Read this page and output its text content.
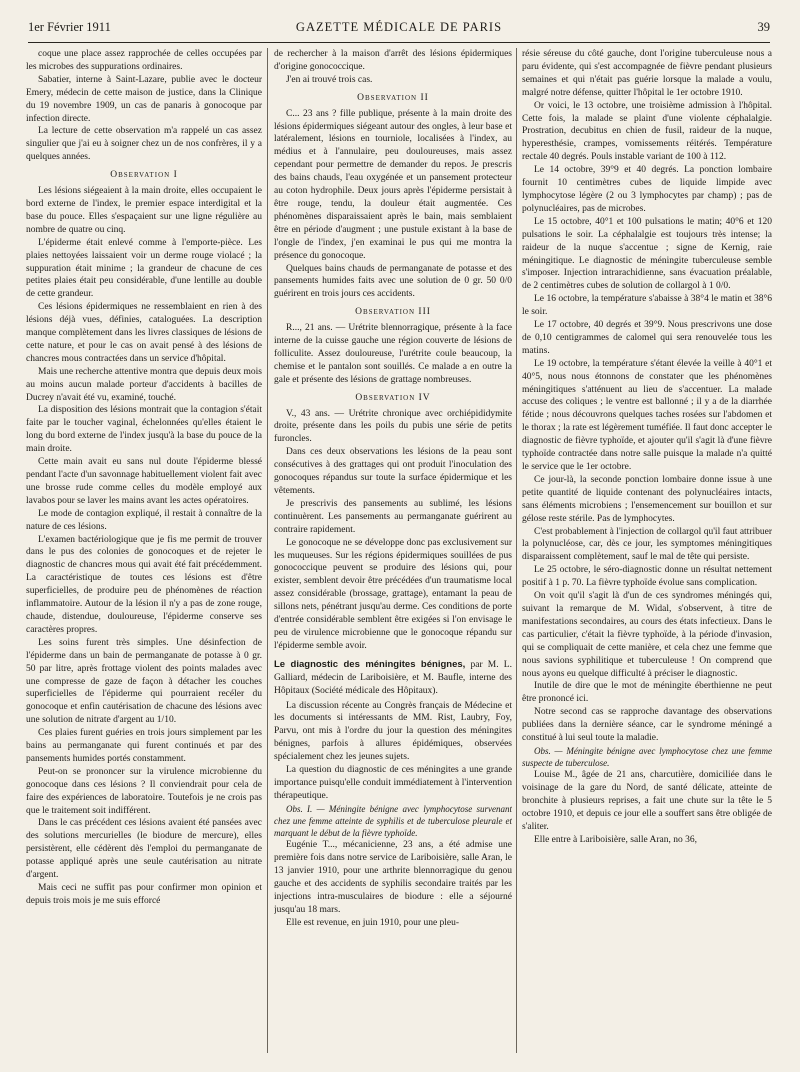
1er Février 1911	GAZETTE MÉDICALE DE PARIS	39

coque une place assez rapprochée de celles occupées par les microbes des suppurations ordinaires.

Sabatier, interne à Saint-Lazare, publie avec le docteur Emery, médecin de cette maison de justice, dans la Clinique du 19 novembre 1909, un cas de panaris à gonocoque par infection directe.

La lecture de cette observation m'a rappelé un cas assez singulier que j'ai eu à soigner chez un de nos confrères, il y a quelques années.

Observation I

Les lésions siégeaient à la main droite, elles occupaient le bord externe de l'index, le premier espace interdigital et la base du pouce. Elles s'espaçaient sur une ligne régulière au nombre de quatre ou cinq.

L'épiderme était enlevé comme à l'emporte-pièce. Les plaies nettoyées laissaient voir un derme rouge violacé ; la suppuration était minime ; la grandeur de chacune de ces petites plaies était peu considérable, d'une lentille au double de cette grandeur.

Ces lésions épidermiques ne ressemblaient en rien à des lésions déjà vues, définies, cataloguées. La description manque complètement dans les livres classiques de lésions de cette nature, et pour le cas on avait pensé à des lésions de chancres mous contractées dans un service d'hôpital.

Mais une recherche attentive montra que depuis deux mois au moins aucun malade porteur d'accidents à bacilles de Ducrey n'avait été vu, examiné, touché.

La disposition des lésions montrait que la contagion s'était faite par le toucher vaginal, échelonnées qu'elles étaient le long du bord externe de l'index jusqu'à la base du pouce de la main droite.

Cette main avait eu sans nul doute l'épiderme blessé pendant l'acte d'un savonnage habituellement violent fait avec une brosse rude comme celles du modèle employé aux lavabos pour se laver les mains avant les actes opératoires.

Le mode de contagion expliqué, il restait à connaître de la nature de ces lésions.

L'examen bactériologique que je fis me permit de trouver dans le pus des colonies de gonocoques et de rejeter le diagnostic de chancres mous qui avait été fait précédemment. La caractéristique de toutes ces lésions est d'être superficielles, de produire peu de phénomènes de réaction inflammatoire. Autour de la lésion il n'y a pas de zone rouge, chaude, distendue, douloureuse, l'épiderme conserve ses caractères propres.

Les soins furent très simples. Une désinfection de l'épiderme dans un bain de permanganate de potasse à 0 gr. 50 par litre, après frottage violent des points malades avec une compresse de gaze de façon à détacher les couches superficielles de l'épiderme qui pourraient recéler du gonocoque et enfin cautérisation de chacune des lésions avec une solution de nitrate d'argent au 1/10.

Ces plaies furent guéries en trois jours simplement par les bains au permanganate qui furent continués et par des pansements humides portés constamment.

Peut-on se prononcer sur la virulence microbienne du gonocoque dans ces lésions ? Il conviendrait pour cela de faire des expériences de laboratoire. Toutefois je ne crois pas que le traitement soit indifférent.

Dans le cas précédent ces lésions avaient été pansées avec des solutions mercurielles (le biodure de mercure), elles persistèrent, elle cédèrent dès l'emploi du permanganate de potasse appliqué après une seule cautérisation au nitrate d'argent.

Mais ceci ne suffit pas pour confirmer mon opinion et depuis trois mois je me suis efforcé

de rechercher à la maison d'arrêt des lésions épidermiques d'origine gonococcique.

J'en ai trouvé trois cas.

Observation II

C... 23 ans ? fille publique, présente à la main droite des lésions épidermiques siégeant autour des ongles, à leur base et latéralement, lésions en tourniole, localisées à l'index, au médius et à l'annulaire, peu douloureuses, mais assez cependant pour permettre de demander du repos. Je prescris des bains chauds, l'eau oxygénée et un pansement protecteur au coton hydrophile. Deux jours après l'épiderme persistait à être rouge, tendu, la douleur était augmentée. Ces phénomènes disparaissaient après le bain, mais semblaient être en période d'augment ; une pustule existant à la base de l'ongle de l'index, j'en examinai le pus qui me montra la présence du gonocoque.

Quelques bains chauds de permanganate de potasse et des pansements humides faits avec une solution de 0 gr. 50 0/0 guérirent en trois jours ces accidents.

Observation III

R..., 21 ans. — Urétrite blennorragique, présente à la face interne de la cuisse gauche une région couverte de lésions de folliculite. Assez douloureuse, l'urétrite coule beaucoup, la chemise et le pantalon sont souillés. Ce malade a en outre la gale et présente des lésions de grattage nombreuses.

Observation IV

V., 43 ans. — Urétrite chronique avec orchiépididymite droite, présente dans les poils du pubis une série de petits furoncles.

Dans ces deux observations les lésions de la peau sont consécutives à des grattages qui ont produit l'inoculation des gonocoques répandus sur toute la surface épidermique et les vêtements.

Je prescrivis des pansements au sublimé, les lésions continuèrent. Les pansements au permanganate guérirent au contraire rapidement.

Le gonocoque ne se développe donc pas exclusivement sur les muqueuses. Sur les régions épidermiques souillées de pus gonococcique peuvent se produire des lésions qui, pour exister, semblent devoir être précédées d'un traumatisme local assez considérable (brossage, grattage), entamant la peau de sillons nets, pénétrant jusqu'au derme. Ces conditions de porte d'entrée considérable semblent être exigées si l'on envisage le peu de virulence microbienne que le gonocoque répandu sur l'épiderme semble avoir.

Le diagnostic des méningites bénignes, par M. L. Galliard, médecin de Lariboisière, et M. Baufle, interne des Hôpitaux (Société médicale des Hôpitaux).

La discussion récente au Congrès français de Médecine et les documents si intéressants de MM. Rist, Laubry, Foy, Parvu, ont mis à l'ordre du jour la question des méningites bénignes, parfois à allures épidémiques, observées spécialement chez les jeunes sujets.

La question du diagnostic de ces méningites a une grande importance puisqu'elle conduit immédiatement à l'intervention thérapeutique.

Obs. I. — Méningite bénigne avec lymphocytose survenant chez une femme atteinte de syphilis et de tuberculose pleurale et marquant le début de la fièvre typhoïde.

Eugénie T..., mécanicienne, 23 ans, a été admise une première fois dans notre service de Lariboisière, salle Aran, le 13 janvier 1910, pour une arthrite blennorragique du genou gauche et des accidents de syphilis secondaire traités par les injections intra-musculaires de biodure : elle a séjourné jusqu'au 18 mars.

Elle est revenue, en juin 1910, pour une pleu-

résie séreuse du côté gauche, dont l'origine tuberculeuse nous a paru évidente, qui s'est accompagnée de fièvre pendant plusieurs semaines et qui n'était pas guérie lorsque la malade a voulu, malgré notre défense, quitter l'hôpital le 1er octobre 1910.

Or voici, le 13 octobre, une troisième admission à l'hôpital. Cette fois, la malade se plaint d'une violente céphalalgie. Prostration, decubitus en chien de fusil, raideur de la nuque, hyperesthésie, crampes, vomissements réitérés. Température rectale 40 degrés. Pouls instable variant de 100 à 112.

Le 14 octobre, 39°9 et 40 degrés. La ponction lombaire fournit 10 centimètres cubes de liquide limpide avec lymphocytose légère (2 ou 3 lymphocytes par champ) ; pas de polynucléaires, pas de microbes.

Le 15 octobre, 40°1 et 100 pulsations le matin; 40°6 et 120 pulsations le soir. La céphalalgie est toujours très intense; la raideur de la nuque s'accentue ; signe de Kernig, raie méningitique. Le diagnostic de méningite tuberculeuse semble s'imposer. Injection intrarachidienne, sans évacuation préalable, de 2 centimètres cubes de solution de collargol à 1 0/0.

Le 16 octobre, la température s'abaisse à 38°4 le matin et 38°6 le soir.

Le 17 octobre, 40 degrés et 39°9. Nous prescrivons une dose de 0,10 centigrammes de calomel qui sera renouvelée tous les matins.

Le 19 octobre, la température s'étant élevée la veille à 40°1 et 40°5, nous nous étonnons de constater que les phénomènes méningitiques s'atténuent au lieu de s'accentuer. La malade accuse des coliques ; le ventre est ballonné ; il y a de la diarrhée fétide ; nous découvrons quelques taches rosées sur l'abdomen et le thorax ; la rate est légèrement tuméfiée. Il faut donc accepter le diagnostic de fièvre typhoïde, et ajouter qu'il s'agit là d'une fièvre typhoïde contractée dans notre salle puisque la malade n'a quitté le service que le 1er octobre.

Ce jour-là, la seconde ponction lombaire donne issue à une petite quantité de liquide contenant des polynucléaires intacts, sans éléments microbiens ; l'ensemencement sur bouillon et sur gélose reste stérile. Pas de lymphocytes.

C'est probablement à l'injection de collargol qu'il faut attribuer la polynucléose, car, dès ce jour, les symptomes méningitiques disparaissent complètement, sauf le mal de tête qui persiste.

Le 25 octobre, le séro-diagnostic donne un résultat nettement positif à 1 p. 70. La fièvre typhoïde évolue sans complication.

On voit qu'il s'agit là d'un de ces syndromes méningés qui, suivant la remarque de M. Widal, s'observent, à titre de manifestations secondaires, au cours des états infectieux. Dans le cas particulier, c'était la fièvre typhoïde, à la période d'invasion, qui se compliquait de cette manière, et cela chez une femme que nous savions syphilitique et tuberculeuse ! On comprend que nous ayons eu quelque difficulté à préciser le diagnostic.

Inutile de dire que le mot de méningite éberthienne ne peut être prononcé ici.

Notre second cas se rapproche davantage des observations publiées dans la dernière séance, car le syndrome méningé a constitué à lui seul toute la maladie.

Obs. — Méningite bénigne avec lymphocytose chez une femme suspecte de tuberculose.

Louise M., âgée de 21 ans, charcutière, domiciliée dans le voisinage de la gare du Nord, de santé délicate, atteinte de bronchite à plusieurs reprises, a fait une chute sur la tête le 5 octobre 1910, et depuis ce jour elle a souffert sans être obligée de s'aliter.

Elle entre à Lariboisière, salle Aran, no 36,
